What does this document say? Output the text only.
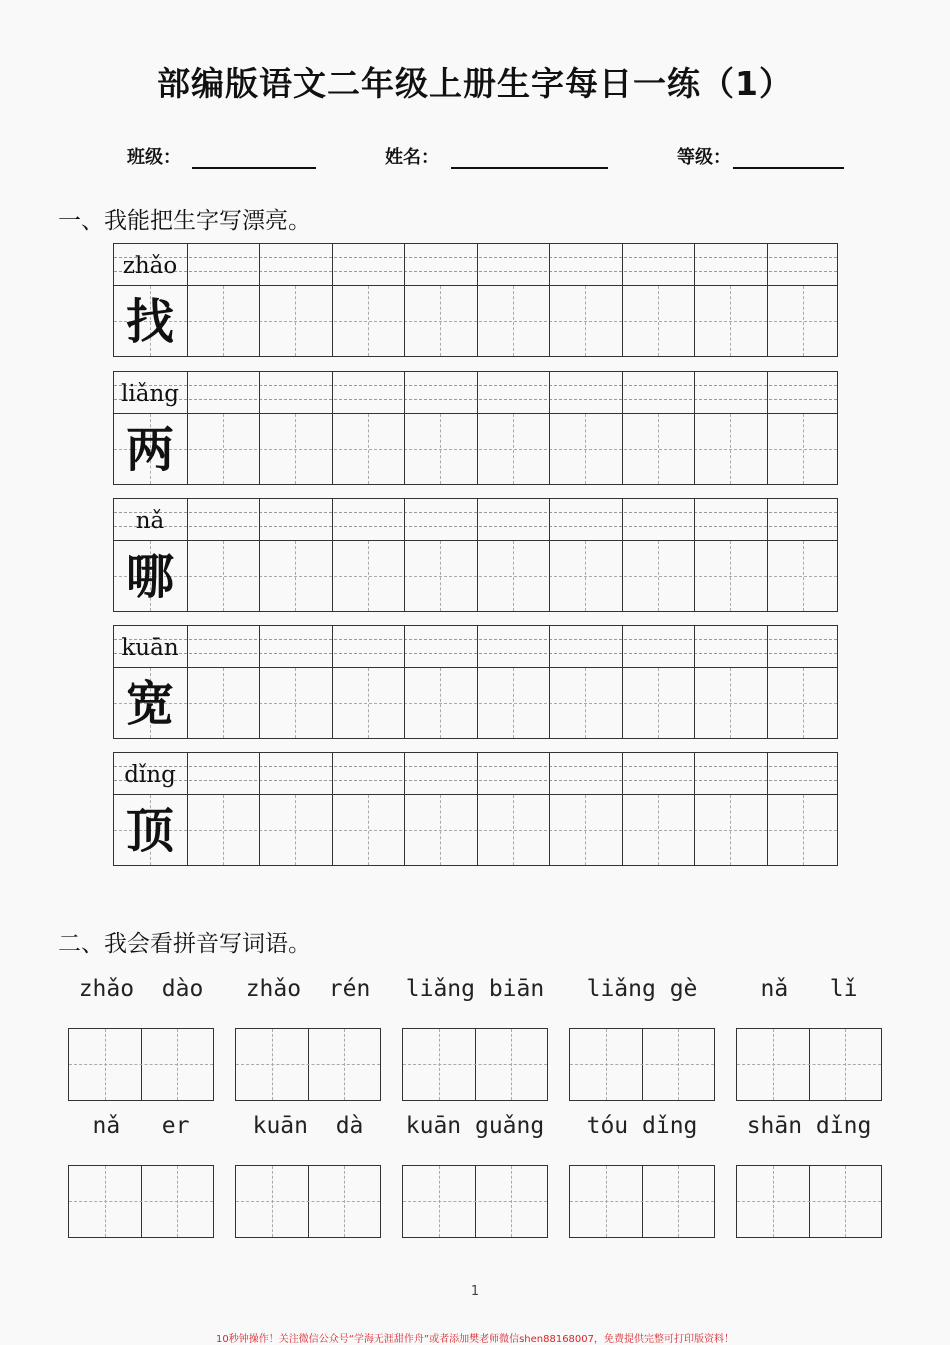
部编版语文二年级上册生字每日一练（1）
班级：	姓名：	等级：
一、我能把生字写漂亮。
zhǎo
找
liǎng
两
nǎ
哪
kuān
宽
dǐng
顶
二、我会看拼音写词语。
zhǎo  dào	zhǎo  rén	liǎng biān	liǎng gè	nǎ   lǐ
nǎ   er	kuān  dà	kuān guǎng	tóu dǐng	shān dǐng
1
10秒钟操作！关注微信公众号“学海无涯甜作舟”或者添加樊老师微信shen88168007，免费提供完整可打印版资料！
